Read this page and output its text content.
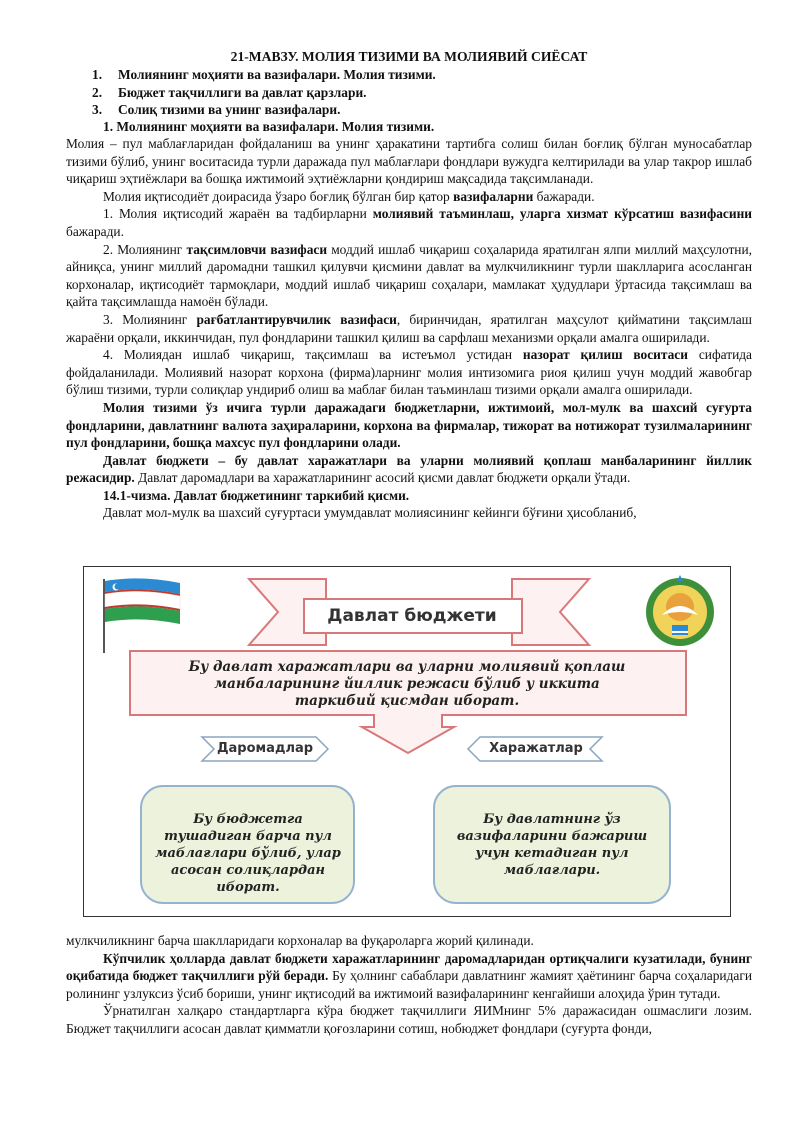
21-МАВЗУ. МОЛИЯ ТИЗИМИ ВА МОЛИЯВИЙ СИЁСАТ
1. Молиянинг моҳияти ва вазифалари. Молия тизими.
2. Бюджет тақчиллиги ва давлат қарзлари.
3. Солиқ тизими ва унинг вазифалари.
1. Молиянинг моҳияти ва вазифалари. Молия тизими.

Молия – пул маблағларидан фойдаланиш ва унинг ҳаракатини тартибга солиш билан боғлиқ бўлган муносабатлар тизими бўлиб, унинг воситасида турли даражада пул маблағлари фондлари вужудга келтирилади ва улар такрор ишлаб чиқариш эҳтиёжлари ва бошқа ижтимоий эҳтиёжларни қондириш мақсадида тақсимланади.

Молия иқтисодиёт доирасида ўзаро боғлиқ бўлган бир қатор вазифаларни бажаради.

1. Молия иқтисодий жараён ва тадбирларни молиявий таъминлаш, уларга хизмат кўрсатиш вазифасини бажаради.

2. Молиянинг тақсимловчи вазифаси моддий ишлаб чиқариш соҳаларида яратилган ялпи миллий маҳсулотни, айниқса, унинг миллий даромадни ташкил қилувчи қисмини давлат ва мулкчиликнинг турли шаклларига асосланган корхоналар, иқтисодиёт тармоқлари, моддий ишлаб чиқариш соҳалари, мамлакат ҳудудлари ўртасида тақсимлаш ва қайта тақсимлашда намоён бўлади.

3. Молиянинг рағбатлантирувчилик вазифаси, биринчидан, яратилган маҳсулот қийматини тақсимлаш жараёни орқали, иккинчидан, пул фондларини ташкил қилиш ва сарфлаш механизми орқали амалга оширилади.

4. Молиядан ишлаб чиқариш, тақсимлаш ва истеъмол устидан назорат қилиш воситаси сифатида фойдаланилади. Молиявий назорат корхона (фирма)ларнинг молия интизомига риоя қилиш учун моддий жавобгар бўлиш тизими, турли солиқлар ундириб олиш ва маблағ билан таъминлаш тизими орқали амалга оширилади.

Молия тизими ўз ичига турли даражадаги бюджетларни, ижтимоий, мол-мулк ва шахсий суғурта фондларини, давлатнинг валюта заҳираларини, корхона ва фирмалар, тижорат ва нотижорат тузилмаларининг пул фондларини, бошқа махсус пул фондларини олади.

Давлат бюджети – бу давлат харажатлари ва уларни молиявий қоплаш манбаларининг йиллик режасидир. Давлат даромадлари ва харажатларининг асосий қисми давлат бюджети орқали ўтади.

14.1-чизма. Давлат бюджетининг таркибий қисми.

Давлат мол-мулк ва шахсий суғуртаси умумдавлат молиясининг кейинги бўғини ҳисобланиб,

Давлат бюджети
Бу давлат харажатлари ва уларни молиявий қоплаш манбаларининг йиллик режаси бўлиб у иккита таркибий қисмдан иборат.
Даромадлар	Харажатлар
Бу бюджетга тушадиган барча пул маблағлари бўлиб, улар асосан солиқлардан иборат.
Бу давлатнинг ўз вазифаларини бажариш учун кетадиган пул маблағлари.

мулкчиликнинг барча шаклларидаги корхоналар ва фуқароларга жорий қилинади.

Кўпчилик ҳолларда давлат бюджети харажатларининг даромадларидан ортиқчалиги кузатилади, бунинг оқибатида бюджет тақчиллиги рўй беради. Бу ҳолнинг сабаблари давлатнинг жамият ҳаётининг барча соҳаларидаги ролининг узлуксиз ўсиб бориши, унинг иқтисодий ва ижтимоий вазифаларининг кенгайиши алоҳида ўрин тутади.

Ўрнатилган халқаро стандартларга кўра бюджет тақчиллиги ЯИМнинг 5% даражасидан ошмаслиги лозим. Бюджет тақчиллиги асосан давлат қимматли қоғозларини сотиш, нобюджет фондлари (суғурта фонди,
